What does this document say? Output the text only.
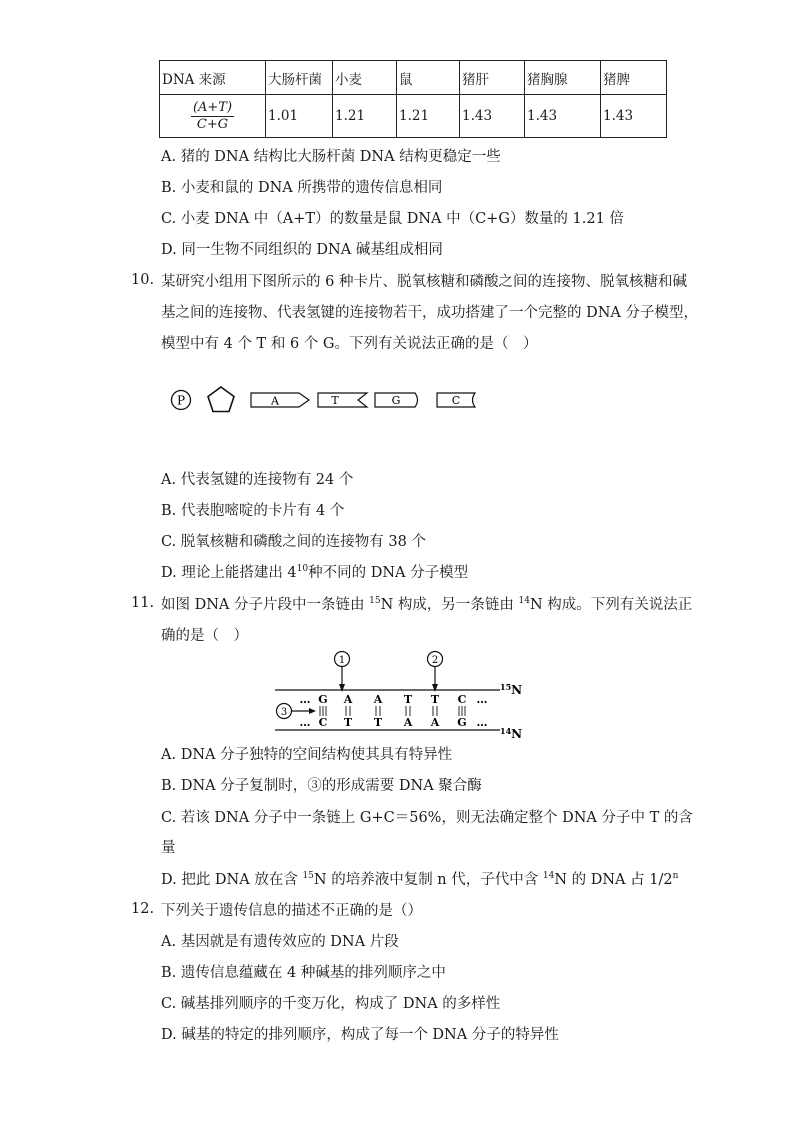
DNA 来源	大肠杆菌	小麦	鼠	猪肝	猪胸腺	猪脾

$\frac{(A+T)}{C+G}$	1.01	1.21	1.21	1.43	1.43	1.43
A. 猪的 DNA 结构比大肠杆菌 DNA 结构更稳定一些
B. 小麦和鼠的 DNA 所携带的遗传信息相同
C. 小麦 DNA 中（A+T）的数量是鼠 DNA 中（C+G）数量的 1.21 倍
D. 同一生物不同组织的 DNA 碱基组成相同
10. 某研究小组用下图所示的 6 种卡片、脱氧核糖和磷酸之间的连接物、脱氧核糖和碱
基之间的连接物、代表氢键的连接物若干，成功搭建了一个完整的 DNA 分子模型，
模型中有 4 个 T 和 6 个 G。下列有关说法正确的是（　）
P	A	T	G	C
A. 代表氢键的连接物有 24 个
B. 代表胞嘧啶的卡片有 4 个
C. 脱氧核糖和磷酸之间的连接物有 38 个
D. 理论上能搭建出 $4^{10}$种不同的 DNA 分子模型
11. 如图 DNA 分子片段中一条链由 $^{15}$N 构成，另一条链由 $^{14}$N 构成。下列有关说法正
确的是（　）
1	2
… G A A T T C …
… C T T A A G …
3
$^{15}$N
$^{14}$N
A. DNA 分子独特的空间结构使其具有特异性
B. DNA 分子复制时，③的形成需要 DNA 聚合酶
C. 若该 DNA 分子中一条链上 G+C＝56%，则无法确定整个 DNA 分子中 T 的含
量
D. 把此 DNA 放在含 $^{15}$N 的培养液中复制 n 代，子代中含 $^{14}$N 的 DNA 占 1/2$^n$
12. 下列关于遗传信息的描述不正确的是（）
A. 基因就是有遗传效应的 DNA 片段
B. 遗传信息蕴藏在 4 种碱基的排列顺序之中
C. 碱基排列顺序的千变万化，构成了 DNA 的多样性
D. 碱基的特定的排列顺序，构成了每一个 DNA 分子的特异性
